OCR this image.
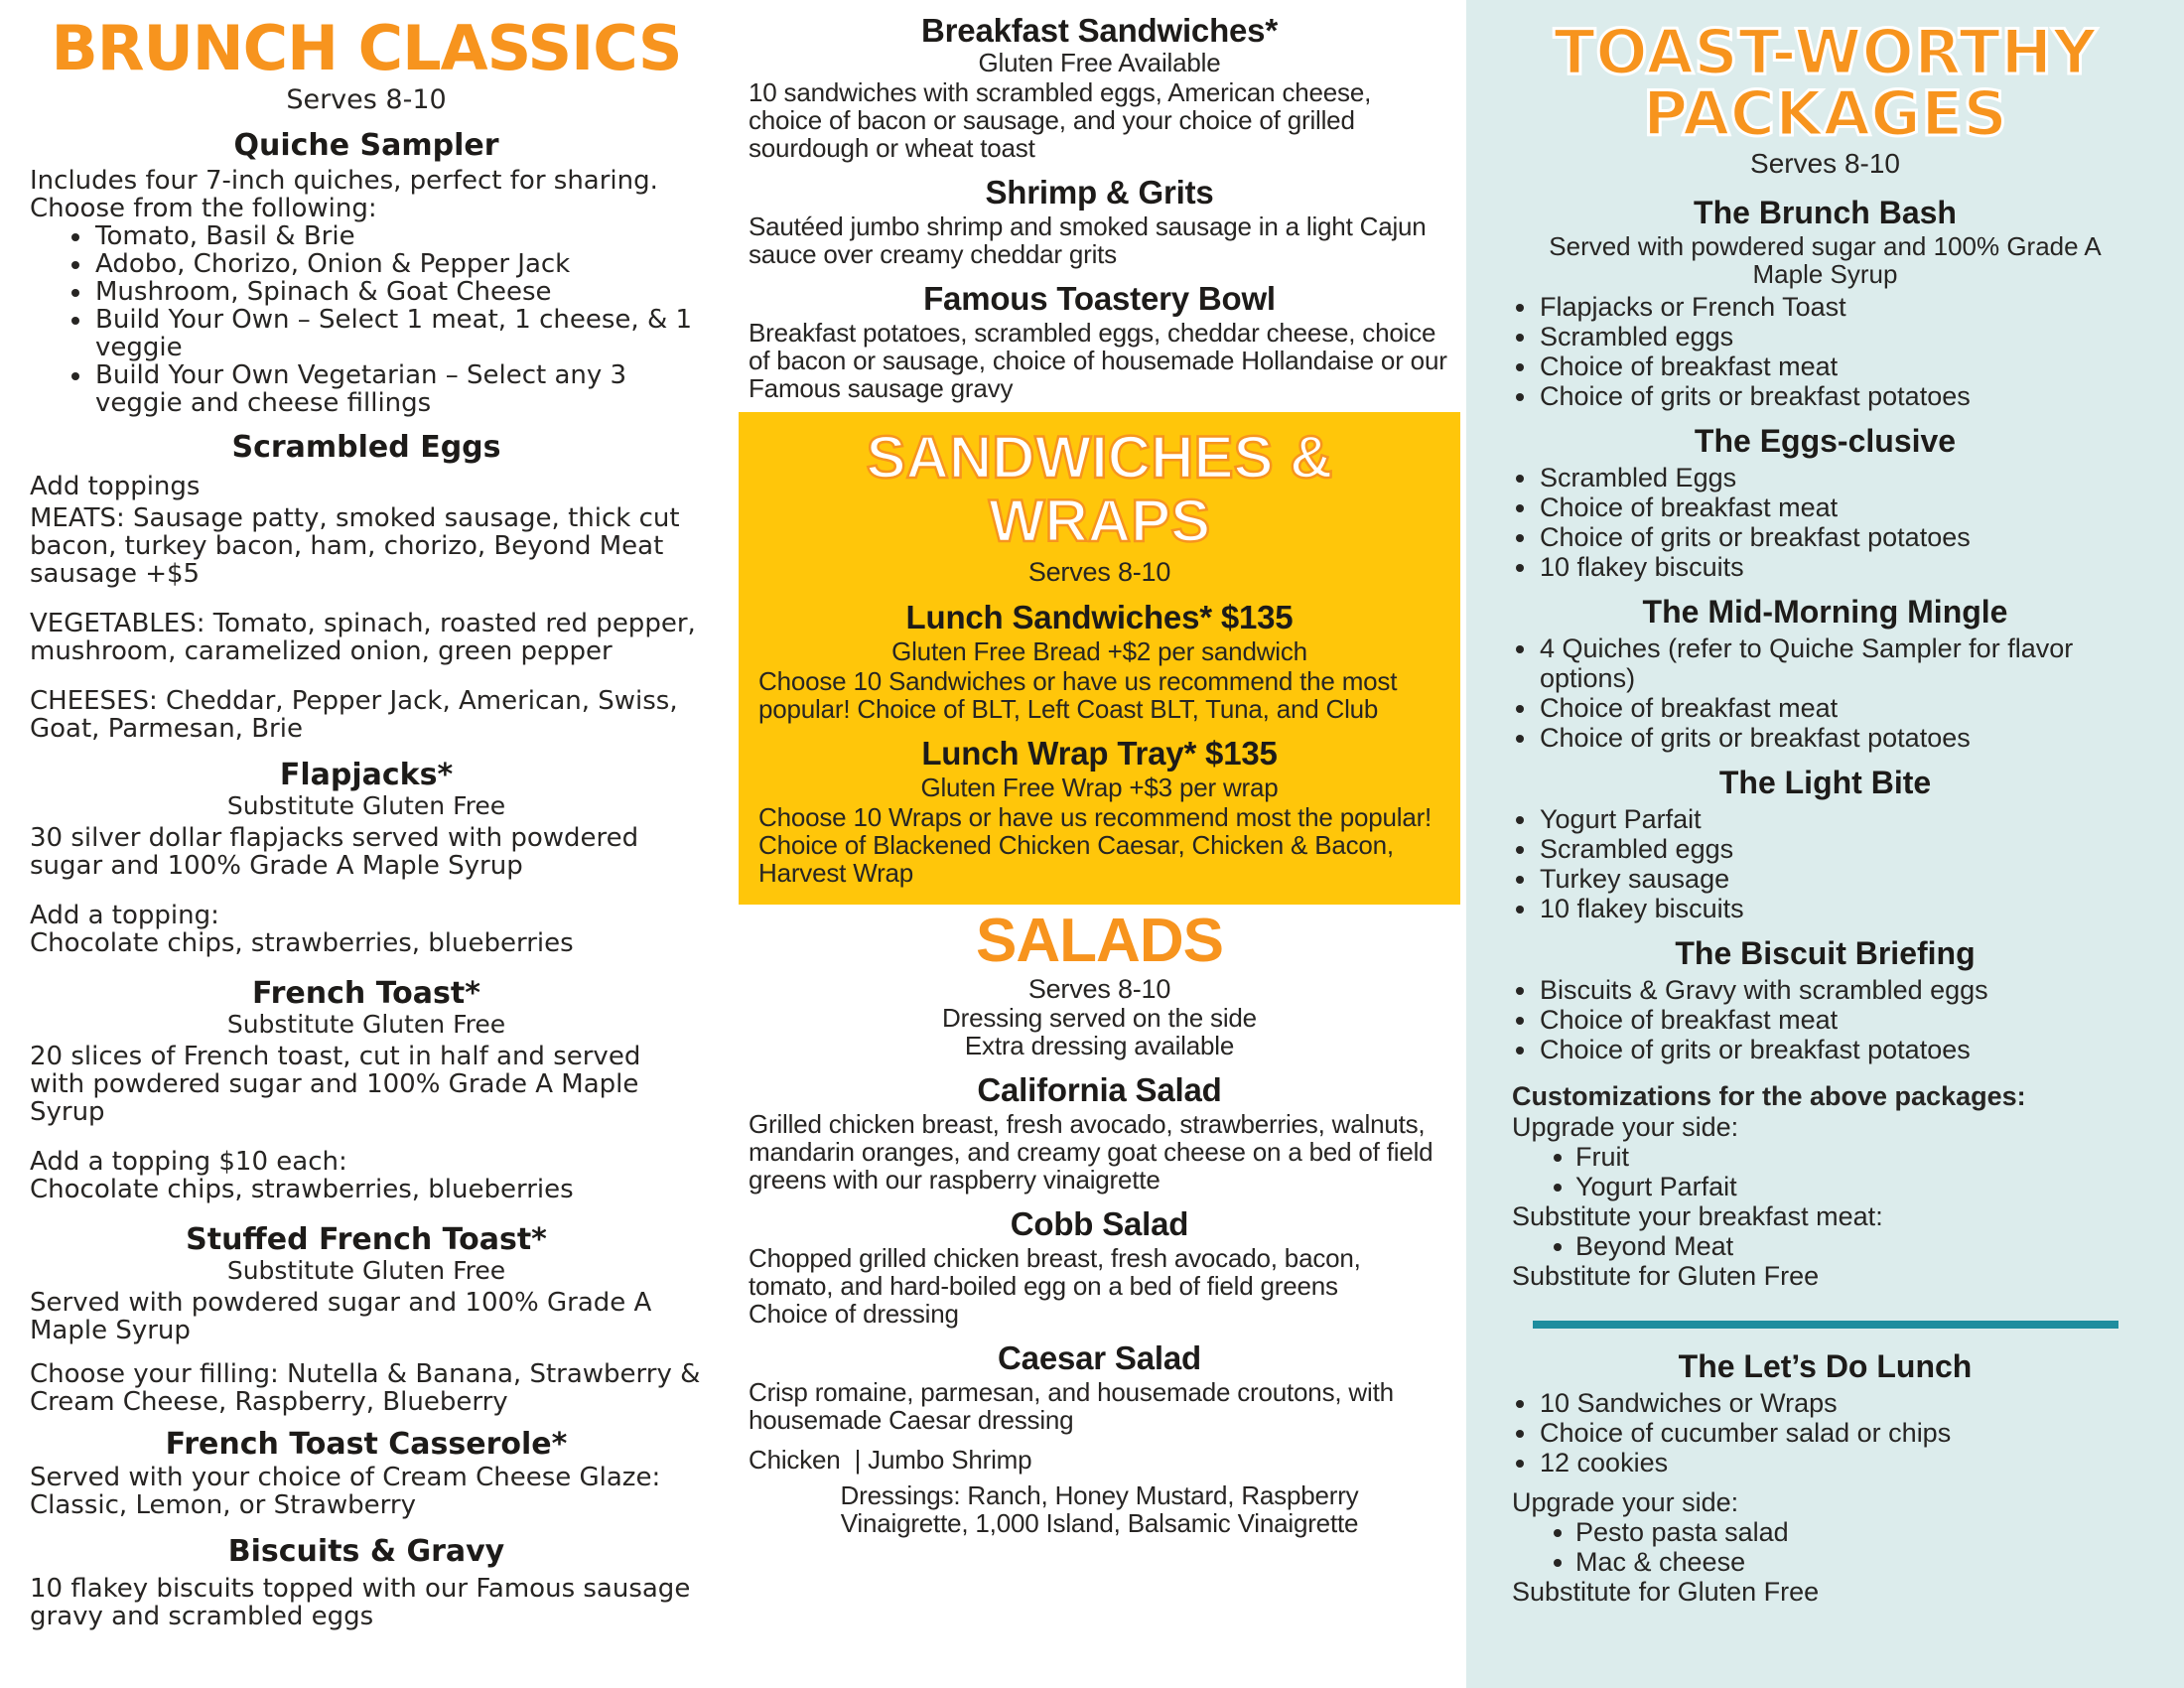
BRUNCH CLASSICS
Serves 8-10
Quiche Sampler

Includes four 7-inch quiches, perfect for sharing. Choose from the following:

Tomato, Basil & Brie
Adobo, Chorizo, Onion & Pepper Jack
Mushroom, Spinach & Goat Cheese
Build Your Own – Select 1 meat, 1 cheese, & 1 veggie
Build Your Own Vegetarian – Select any 3 veggie and cheese fillings
Scrambled Eggs

Add toppings

MEATS: Sausage patty, smoked sausage, thick cut bacon, turkey bacon, ham, chorizo, Beyond Meat sausage +$5

VEGETABLES: Tomato, spinach, roasted red pepper, mushroom, caramelized onion, green pepper

CHEESES: Cheddar, Pepper Jack, American, Swiss, Goat, Parmesan, Brie

Flapjacks*
Substitute Gluten Free

30 silver dollar flapjacks served with powdered sugar and 100% Grade A Maple Syrup

Add a topping:

Chocolate chips, strawberries, blueberries

French Toast*
Substitute Gluten Free

20 slices of French toast, cut in half and served with powdered sugar and 100% Grade A Maple Syrup

Add a topping $10 each:

Chocolate chips, strawberries, blueberries

Stuffed French Toast*
Substitute Gluten Free

Served with powdered sugar and 100% Grade A Maple Syrup

Choose your filling: Nutella & Banana, Strawberry & Cream Cheese, Raspberry, Blueberry

French Toast Casserole*

Served with your choice of Cream Cheese Glaze: Classic, Lemon, or Strawberry

Biscuits & Gravy

10 flakey biscuits topped with our Famous sausage gravy and scrambled eggs

Breakfast Sandwiches*
Gluten Free Available

10 sandwiches with scrambled eggs, American cheese, choice of bacon or sausage, and your choice of grilled sourdough or wheat toast

Shrimp & Grits

Sautéed jumbo shrimp and smoked sausage in a light Cajun sauce over creamy cheddar grits

Famous Toastery Bowl

Breakfast potatoes, scrambled eggs, cheddar cheese, choice of bacon or sausage, choice of housemade Hollandaise or our Famous sausage gravy

SANDWICHES & WRAPS
Serves 8-10
Lunch Sandwiches* $135
Gluten Free Bread +$2 per sandwich

Choose 10 Sandwiches or have us recommend the most popular! Choice of BLT, Left Coast BLT, Tuna, and Club

Lunch Wrap Tray* $135
Gluten Free Wrap +$3 per wrap

Choose 10 Wraps or have us recommend most the popular! Choice of Blackened Chicken Caesar, Chicken & Bacon, Harvest Wrap

SALADS
Serves 8-10
Dressing served on the side
Extra dressing available
California Salad

Grilled chicken breast, fresh avocado, strawberries, walnuts, mandarin oranges, and creamy goat cheese on a bed of field greens with our raspberry vinaigrette

Cobb Salad

Chopped grilled chicken breast, fresh avocado, bacon, tomato, and hard-boiled egg on a bed of field greens

Choice of dressing

Caesar Salad

Crisp romaine, parmesan, and housemade croutons, with housemade Caesar dressing

Chicken  | Jumbo Shrimp

Dressings: Ranch, Honey Mustard, Raspberry Vinaigrette, 1,000 Island, Balsamic Vinaigrette

TOAST-WORTHY
PACKAGES
Serves 8-10
The Brunch Bash
Served with powdered sugar and 100% Grade A Maple Syrup
Flapjacks or French Toast
Scrambled eggs
Choice of breakfast meat
Choice of grits or breakfast potatoes
The Eggs-clusive
Scrambled Eggs
Choice of breakfast meat
Choice of grits or breakfast potatoes
10 flakey biscuits
The Mid-Morning Mingle
4 Quiches (refer to Quiche Sampler for flavor options)
Choice of breakfast meat
Choice of grits or breakfast potatoes
The Light Bite
Yogurt Parfait
Scrambled eggs
Turkey sausage
10 flakey biscuits
The Biscuit Briefing
Biscuits & Gravy with scrambled eggs
Choice of breakfast meat
Choice of grits or breakfast potatoes

Customizations for the above packages:

Upgrade your side:

Fruit
Yogurt Parfait

Substitute your breakfast meat:

Beyond Meat

Substitute for Gluten Free

The Let’s Do Lunch
10 Sandwiches or Wraps
Choice of cucumber salad or chips
12 cookies

Upgrade your side:

Pesto pasta salad
Mac & cheese

Substitute for Gluten Free
